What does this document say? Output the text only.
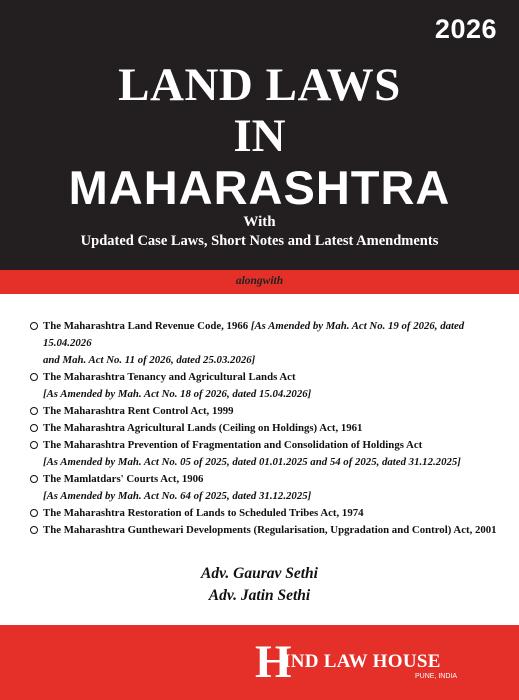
2026
LAND LAWS
IN
MAHARASHTRA
With
Updated Case Laws, Short Notes and Latest Amendments
alongwith
The Maharashtra Land Revenue Code, 1966 [As Amended by Mah. Act No. 19 of 2026, dated 15.04.2026
and Mah. Act No. 11 of 2026, dated 25.03.2026]
The Maharashtra Tenancy and Agricultural Lands Act
[As Amended by Mah. Act No. 18 of 2026, dated 15.04.2026]
The Maharashtra Rent Control Act, 1999
The Maharashtra Agricultural Lands (Ceiling on Holdings) Act, 1961
The Maharashtra Prevention of Fragmentation and Consolidation of Holdings Act
[As Amended by Mah. Act No. 05 of 2025, dated 01.01.2025 and 54 of 2025, dated 31.12.2025]
The Mamlatdars' Courts Act, 1906
[As Amended by Mah. Act No. 64 of 2025, dated 31.12.2025]
The Maharashtra Restoration of Lands to Scheduled Tribes Act, 1974
The Maharashtra Gunthewari Developments (Regularisation, Upgradation and Control) Act, 2001
Adv. Gaurav Sethi
Adv. Jatin Sethi
H
IND LAW HOUSE
PUNE, INDIA
